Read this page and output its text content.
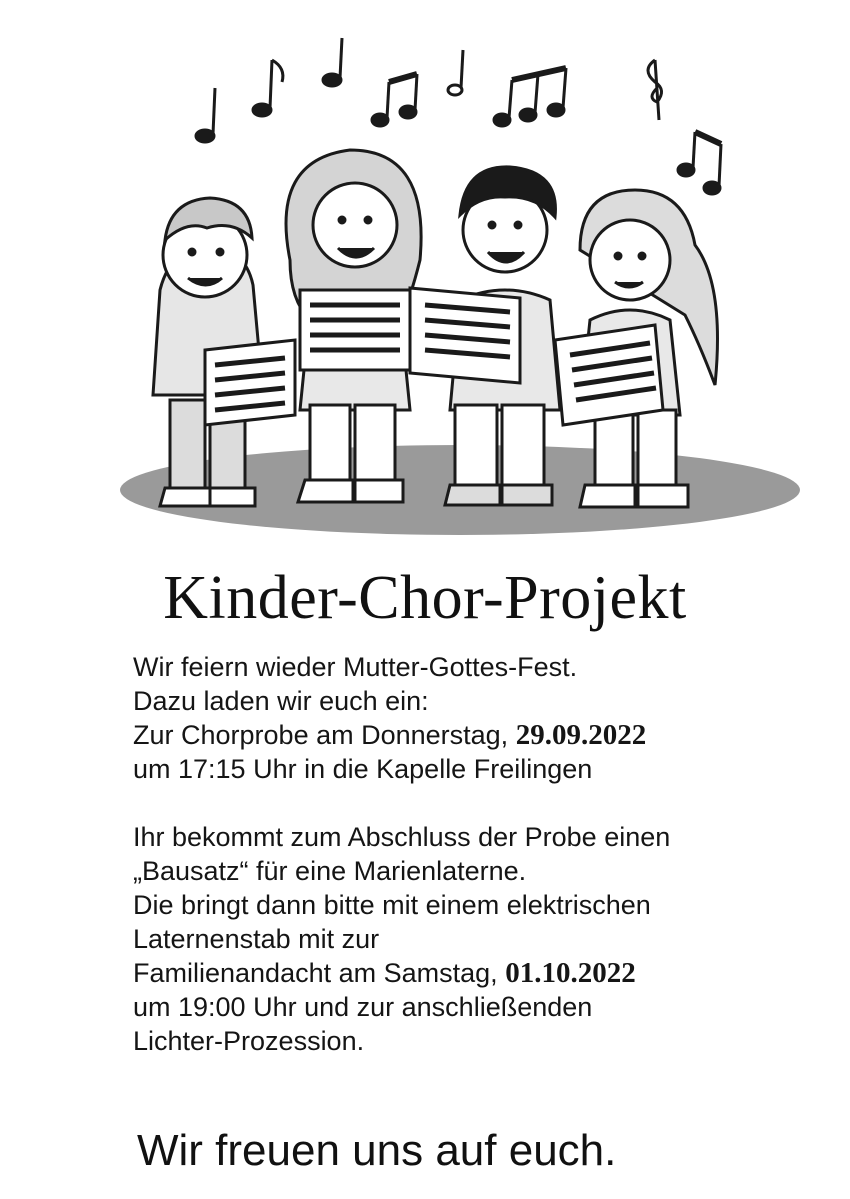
Kinder-Chor-Projekt
Wir feiern wieder Mutter-Gottes-Fest.
Dazu laden wir euch ein:
Zur Chorprobe am Donnerstag, 29.09.2022
um 17:15 Uhr in die Kapelle Freilingen
Ihr bekommt zum Abschluss der Probe einen
„Bausatz“ für eine Marienlaterne.
Die bringt dann bitte mit einem elektrischen
Laternenstab mit zur
Familienandacht am Samstag, 01.10.2022
um 19:00 Uhr und zur anschließenden
Lichter-Prozession.
Wir freuen uns auf euch.
